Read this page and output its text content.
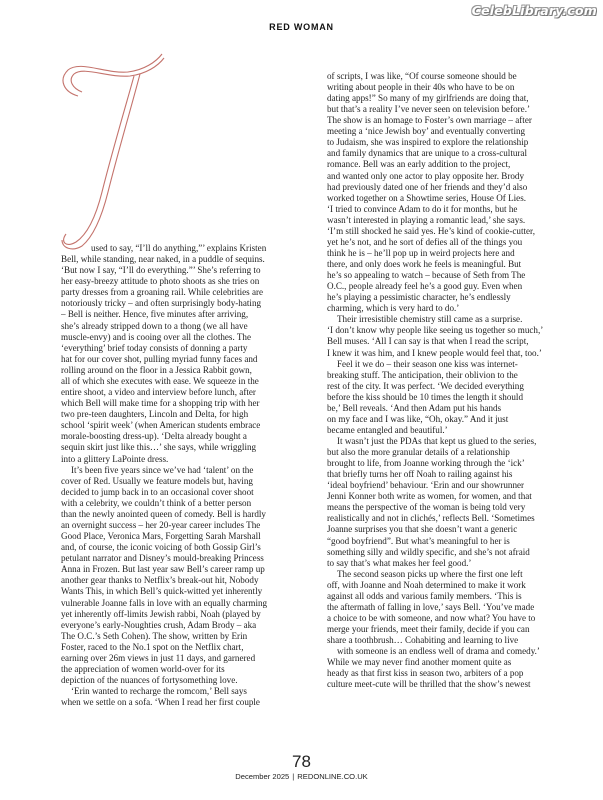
CelebLibrary.com
RED WOMAN
used to say, “I’ll do anything,”’ explains Kristen
Bell, while standing, near naked, in a puddle of sequins.
‘But now I say, “I’ll do everything.”’ She’s referring to
her easy-breezy attitude to photo shoots as she tries on
party dresses from a groaning rail. While celebrities are
notoriously tricky – and often surprisingly body-hating
– Bell is neither. Hence, five minutes after arriving,
she’s already stripped down to a thong (we all have
muscle-envy) and is cooing over all the clothes. The
‘everything’ brief today consists of donning a party
hat for our cover shot, pulling myriad funny faces and
rolling around on the floor in a Jessica Rabbit gown,
all of which she executes with ease. We squeeze in the
entire shoot, a video and interview before lunch, after
which Bell will make time for a shopping trip with her
two pre-teen daughters, Lincoln and Delta, for high
school ‘spirit week’ (when American students embrace
morale-boosting dress-up). ‘Delta already bought a
sequin skirt just like this…’ she says, while wriggling
into a glittery LaPointe dress.
It’s been five years since we’ve had ‘talent’ on the
cover of Red. Usually we feature models but, having
decided to jump back in to an occasional cover shoot
with a celebrity, we couldn’t think of a better person
than the newly anointed queen of comedy. Bell is hardly
an overnight success – her 20-year career includes The
Good Place, Veronica Mars, Forgetting Sarah Marshall
and, of course, the iconic voicing of both Gossip Girl’s
petulant narrator and Disney’s mould-breaking Princess
Anna in Frozen. But last year saw Bell’s career ramp up
another gear thanks to Netflix’s break-out hit, Nobody
Wants This, in which Bell’s quick-witted yet inherently
vulnerable Joanne falls in love with an equally charming
yet inherently off-limits Jewish rabbi, Noah (played by
everyone’s early-Noughties crush, Adam Brody – aka
The O.C.’s Seth Cohen). The show, written by Erin
Foster, raced to the No.1 spot on the Netflix chart,
earning over 26m views in just 11 days, and garnered
the appreciation of women world-over for its
depiction of the nuances of fortysomething love.
‘Erin wanted to recharge the romcom,’ Bell says
when we settle on a sofa. ‘When I read her first couple
of scripts, I was like, “Of course someone should be
writing about people in their 40s who have to be on
dating apps!” So many of my girlfriends are doing that,
but that’s a reality I’ve never seen on television before.’
The show is an homage to Foster’s own marriage – after
meeting a ‘nice Jewish boy’ and eventually converting
to Judaism, she was inspired to explore the relationship
and family dynamics that are unique to a cross-cultural
romance. Bell was an early addition to the project,
and wanted only one actor to play opposite her. Brody
had previously dated one of her friends and they’d also
worked together on a Showtime series, House Of Lies.
‘I tried to convince Adam to do it for months, but he
wasn’t interested in playing a romantic lead,’ she says.
‘I’m still shocked he said yes. He’s kind of cookie-cutter,
yet he’s not, and he sort of defies all of the things you
think he is – he’ll pop up in weird projects here and
there, and only does work he feels is meaningful. But
he’s so appealing to watch – because of Seth from The
O.C., people already feel he’s a good guy. Even when
he’s playing a pessimistic character, he’s endlessly
charming, which is very hard to do.’
Their irresistible chemistry still came as a surprise.
‘I don’t know why people like seeing us together so much,’
Bell muses. ‘All I can say is that when I read the script,
I knew it was him, and I knew people would feel that, too.’
Feel it we do – their season one kiss was internet-
breaking stuff. The anticipation, their oblivion to the
rest of the city. It was perfect. ‘We decided everything
before the kiss should be 10 times the length it should
be,’ Bell reveals. ‘And then Adam put his hands
on my face and I was like, “Oh, okay.” And it just
became entangled and beautiful.’
It wasn’t just the PDAs that kept us glued to the series,
but also the more granular details of a relationship
brought to life, from Joanne working through the ‘ick’
that briefly turns her off Noah to railing against his
‘ideal boyfriend’ behaviour. ‘Erin and our showrunner
Jenni Konner both write as women, for women, and that
means the perspective of the woman is being told very
realistically and not in clichés,’ reflects Bell. ‘Sometimes
Joanne surprises you that she doesn’t want a generic
“good boyfriend”. But what’s meaningful to her is
something silly and wildly specific, and she’s not afraid
to say that’s what makes her feel good.’
The second season picks up where the first one left
off, with Joanne and Noah determined to make it work
against all odds and various family members. ‘This is
the aftermath of falling in love,’ says Bell. ‘You’ve made
a choice to be with someone, and now what? You have to
merge your friends, meet their family, decide if you can
share a toothbrush… Cohabiting and learning to live
with someone is an endless well of drama and comedy.’
While we may never find another moment quite as
heady as that first kiss in season two, arbiters of a pop
culture meet-cute will be thrilled that the show’s newest
78
December 2025 | REDONLINE.CO.UK
